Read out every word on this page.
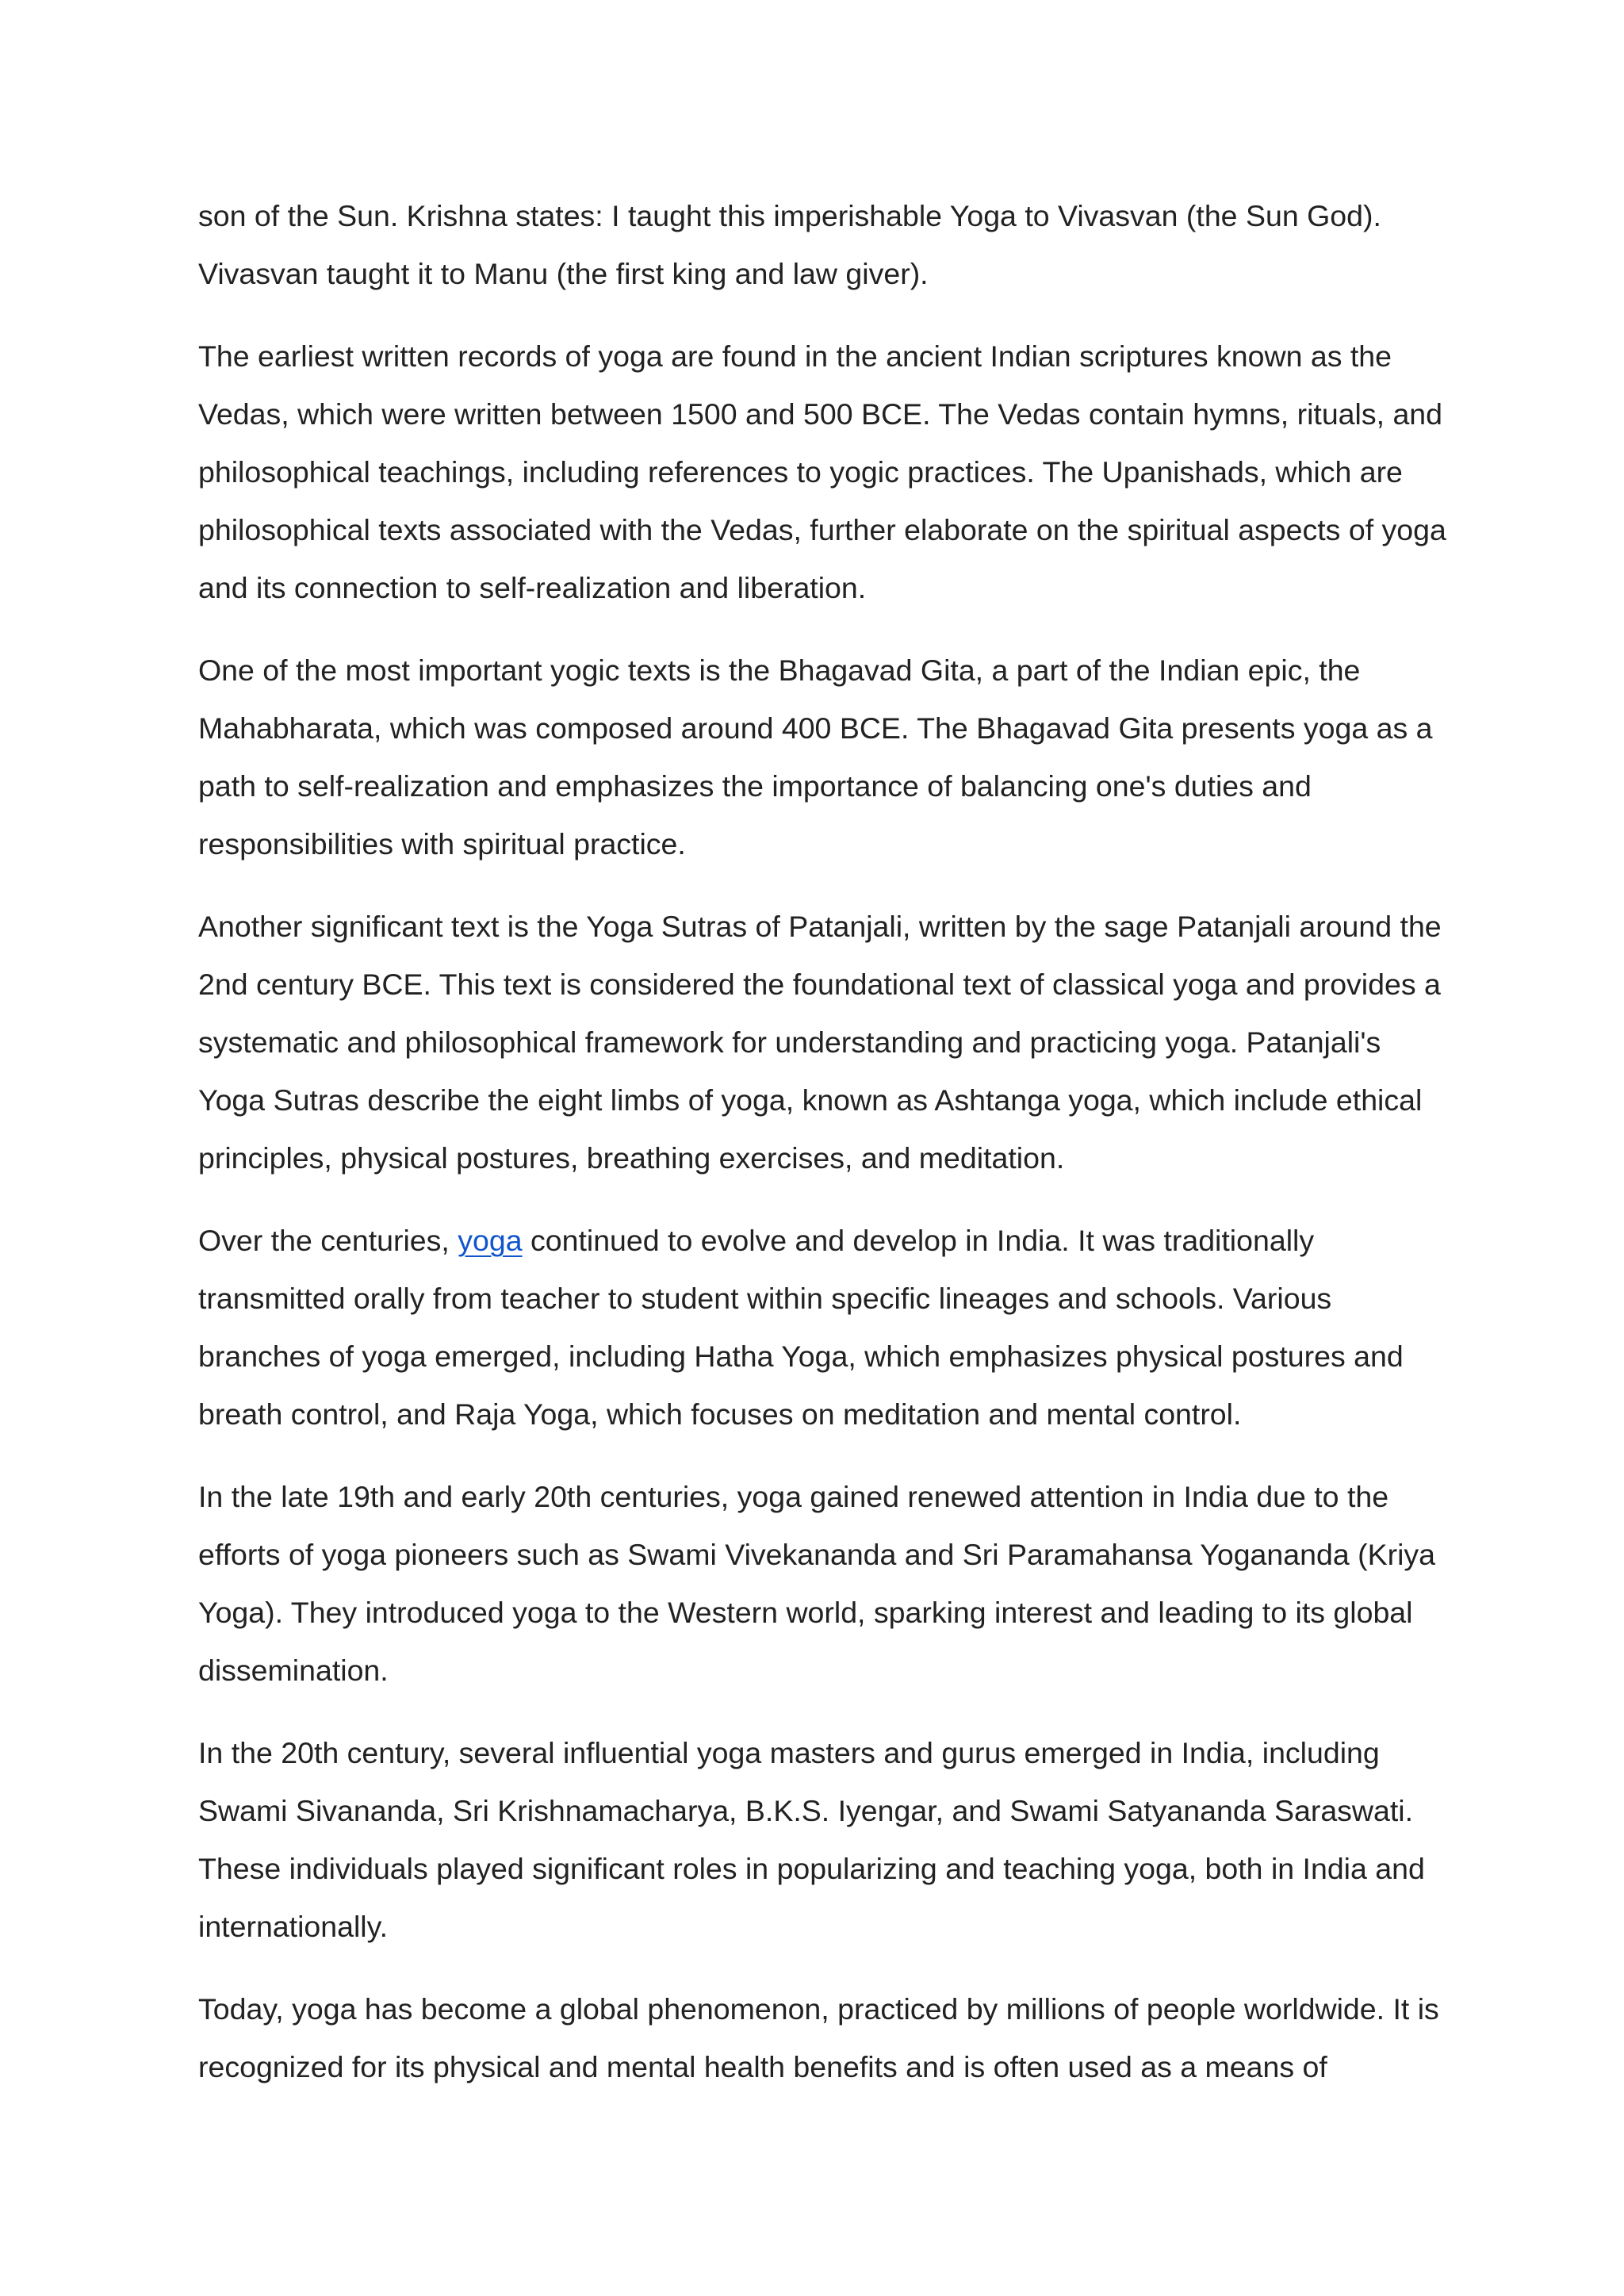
son of the Sun. Krishna states: I taught this imperishable Yoga to Vivasvan (the Sun God). Vivasvan taught it to Manu (the first king and law giver).

The earliest written records of yoga are found in the ancient Indian scriptures known as the Vedas, which were written between 1500 and 500 BCE. The Vedas contain hymns, rituals, and philosophical teachings, including references to yogic practices. The Upanishads, which are philosophical texts associated with the Vedas, further elaborate on the spiritual aspects of yoga and its connection to self-realization and liberation.

One of the most important yogic texts is the Bhagavad Gita, a part of the Indian epic, the Mahabharata, which was composed around 400 BCE. The Bhagavad Gita presents yoga as a path to self-realization and emphasizes the importance of balancing one's duties and responsibilities with spiritual practice.

Another significant text is the Yoga Sutras of Patanjali, written by the sage Patanjali around the 2nd century BCE. This text is considered the foundational text of classical yoga and provides a systematic and philosophical framework for understanding and practicing yoga. Patanjali's Yoga Sutras describe the eight limbs of yoga, known as Ashtanga yoga, which include ethical principles, physical postures, breathing exercises, and meditation.

Over the centuries, yoga continued to evolve and develop in India. It was traditionally transmitted orally from teacher to student within specific lineages and schools. Various branches of yoga emerged, including Hatha Yoga, which emphasizes physical postures and breath control, and Raja Yoga, which focuses on meditation and mental control.

In the late 19th and early 20th centuries, yoga gained renewed attention in India due to the efforts of yoga pioneers such as Swami Vivekananda and Sri Paramahansa Yogananda (Kriya Yoga). They introduced yoga to the Western world, sparking interest and leading to its global dissemination.

In the 20th century, several influential yoga masters and gurus emerged in India, including Swami Sivananda, Sri Krishnamacharya, B.K.S. Iyengar, and Swami Satyananda Saraswati. These individuals played significant roles in popularizing and teaching yoga, both in India and internationally.

Today, yoga has become a global phenomenon, practiced by millions of people worldwide. It is recognized for its physical and mental health benefits and is often used as a means of
